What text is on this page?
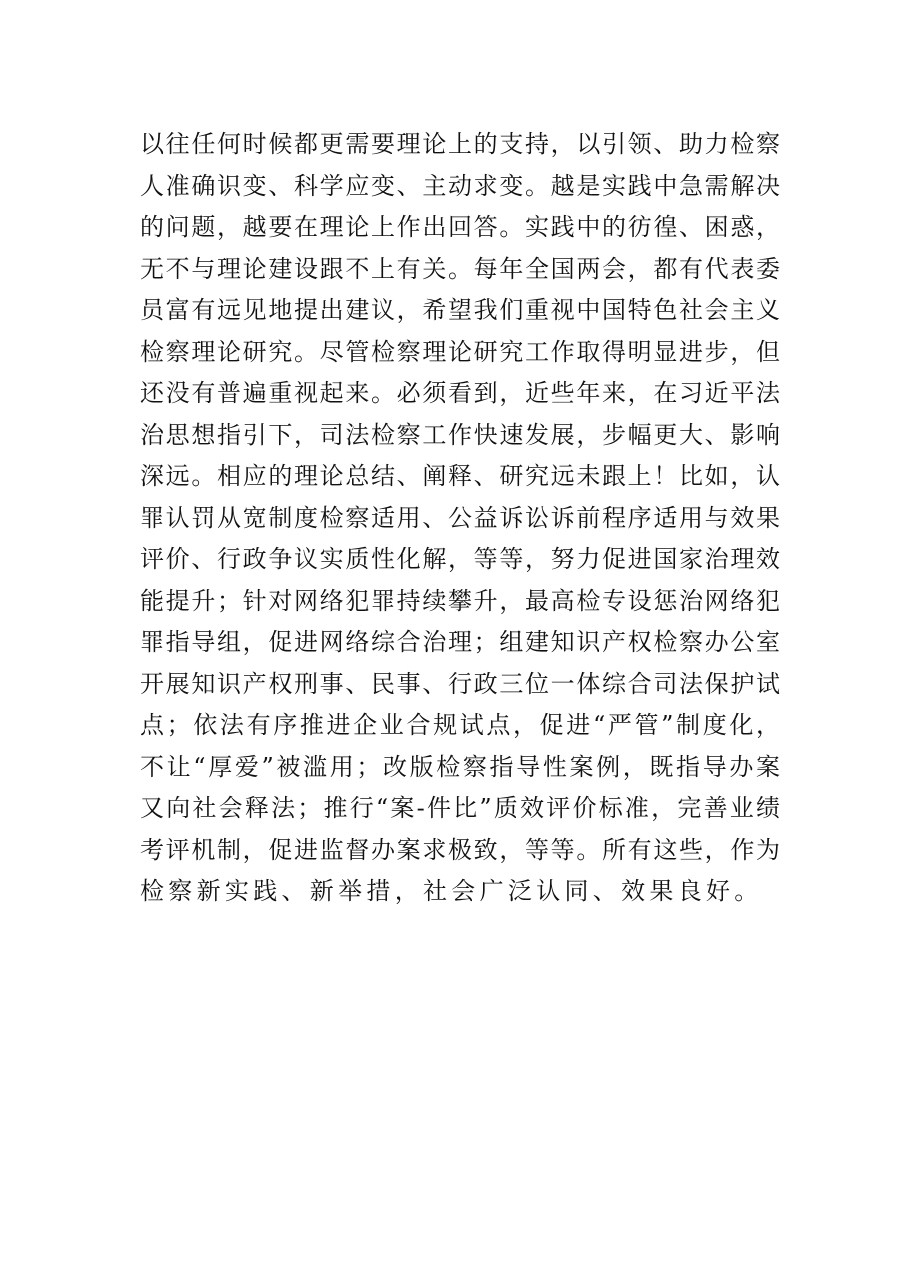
以往任何时候都更需要理论上的支持，以引领、助力检察
人准确识变、科学应变、主动求变。越是实践中急需解决
的问题，越要在理论上作出回答。实践中的彷徨、困惑，
无不与理论建设跟不上有关。每年全国两会，都有代表委
员富有远见地提出建议，希望我们重视中国特色社会主义
检察理论研究。尽管检察理论研究工作取得明显进步，但
还没有普遍重视起来。必须看到，近些年来，在习近平法
治思想指引下，司法检察工作快速发展，步幅更大、影响
深远。相应的理论总结、阐释、研究远未跟上！比如，认
罪认罚从宽制度检察适用、公益诉讼诉前程序适用与效果
评价、行政争议实质性化解，等等，努力促进国家治理效
能提升；针对网络犯罪持续攀升，最高检专设惩治网络犯
罪指导组，促进网络综合治理；组建知识产权检察办公室
开展知识产权刑事、民事、行政三位一体综合司法保护试
点；依法有序推进企业合规试点，促进“严管”制度化，
不让“厚爱”被滥用；改版检察指导性案例，既指导办案
又向社会释法；推行“案-件比”质效评价标准，完善业绩
考评机制，促进监督办案求极致，等等。所有这些，作为
检察新实践、新举措，社会广泛认同、效果良好。
